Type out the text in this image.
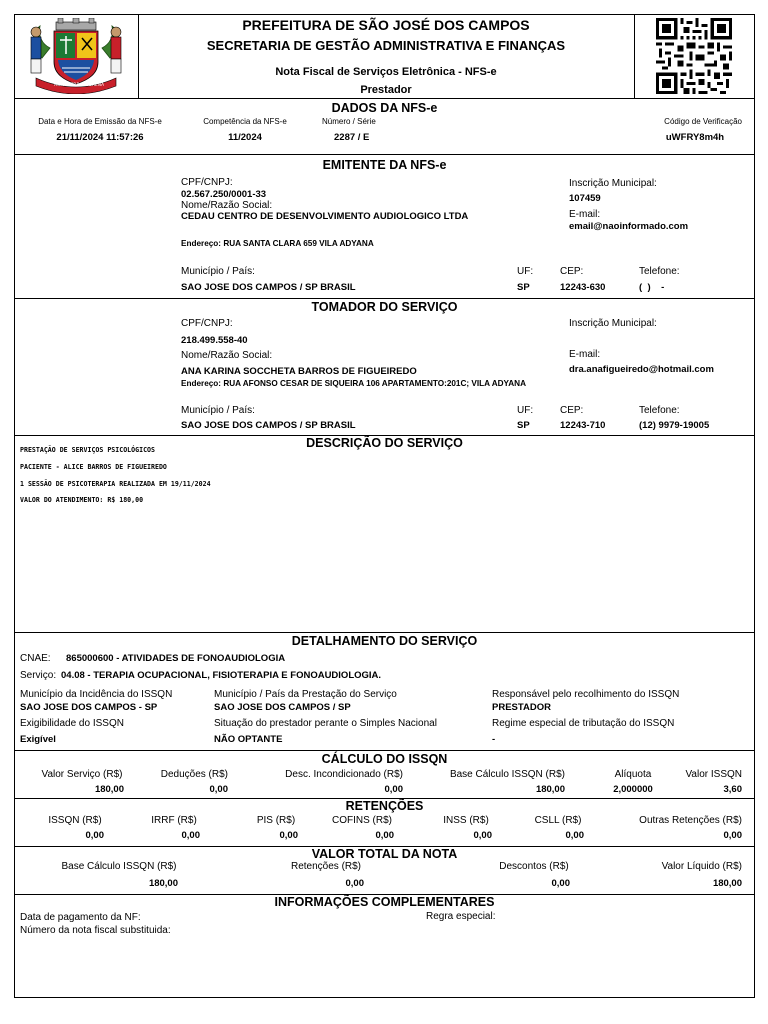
AURA TERRA SERENA
PREFEITURA DE SÃO JOSÉ DOS CAMPOS
SECRETARIA DE GESTÃO ADMINISTRATIVA E FINANÇAS
Nota Fiscal de Serviços Eletrônica - NFS-e
Prestador
DADOS DA NFS-e
Data e Hora de Emissão da NFS-e
21/11/2024 11:57:26
Competência da NFS-e
11/2024
Número / Série
2287 / E
Código de Verificação
uWFRY8m4h
EMITENTE DA NFS-e
CPF/CNPJ:
02.567.250/0001-33
Nome/Razão Social:
CEDAU CENTRO DE DESENVOLVIMENTO AUDIOLOGICO LTDA
Endereço: RUA SANTA CLARA 659 VILA ADYANA
Inscrição Municipal:
107459
E-mail:
email@naoinformado.com
Município / País:
SAO JOSE DOS CAMPOS / SP BRASIL
UF:
SP
CEP:
12243-630
Telefone:
(  )    -
TOMADOR DO SERVIÇO
CPF/CNPJ:
218.499.558-40
Nome/Razão Social:
ANA KARINA SOCCHETA BARROS DE FIGUEIREDO
Endereço: RUA AFONSO CESAR DE SIQUEIRA 106 APARTAMENTO:201C; VILA ADYANA
Inscrição Municipal:
E-mail:
dra.anafigueiredo@hotmail.com
Município / País:
SAO JOSE DOS CAMPOS / SP BRASIL
UF:
SP
CEP:
12243-710
Telefone:
(12) 9979-19005
DESCRIÇÃO DO SERVIÇO
PRESTAÇÃO DE SERVIÇOS PSICOLÓGICOS
PACIENTE - ALICE BARROS DE FIGUEIREDO
1 SESSÃO DE PSICOTERAPIA REALIZADA EM 19/11/2024
VALOR DO ATENDIMENTO: R$ 180,00
DETALHAMENTO DO SERVIÇO
CNAE: 865000600 - ATIVIDADES DE FONOAUDIOLOGIA
Serviço: 04.08 - TERAPIA OCUPACIONAL, FISIOTERAPIA E FONOAUDIOLOGIA.
Município da Incidência do ISSQN
SAO JOSE DOS CAMPOS - SP
Município / País da Prestação do Serviço
SAO JOSE DOS CAMPOS / SP
Responsável pelo recolhimento do ISSQN
PRESTADOR
Exigibilidade do ISSQN
Exigível
Situação do prestador perante o Simples Nacional
NÃO OPTANTE
Regime especial de tributação do ISSQN
-
CÁLCULO DO ISSQN
Valor Serviço (R$)
180,00
Deduções (R$)
0,00
Desc. Incondicionado (R$)
0,00
Base Cálculo ISSQN (R$)
180,00
Alíquota
2,000000
Valor ISSQN
3,60
RETENÇÕES
ISSQN (R$)
0,00
IRRF (R$)
0,00
PIS (R$)
0,00
COFINS (R$)
0,00
INSS (R$)
0,00
CSLL (R$)
0,00
Outras Retenções (R$)
0,00
VALOR TOTAL DA NOTA
Base Cálculo ISSQN (R$)
180,00
Retenções (R$)
0,00
Descontos (R$)
0,00
Valor Líquido (R$)
180,00
INFORMAÇÕES COMPLEMENTARES
Data de pagamento da NF:	Regra especial:
Número da nota fiscal substituida:
